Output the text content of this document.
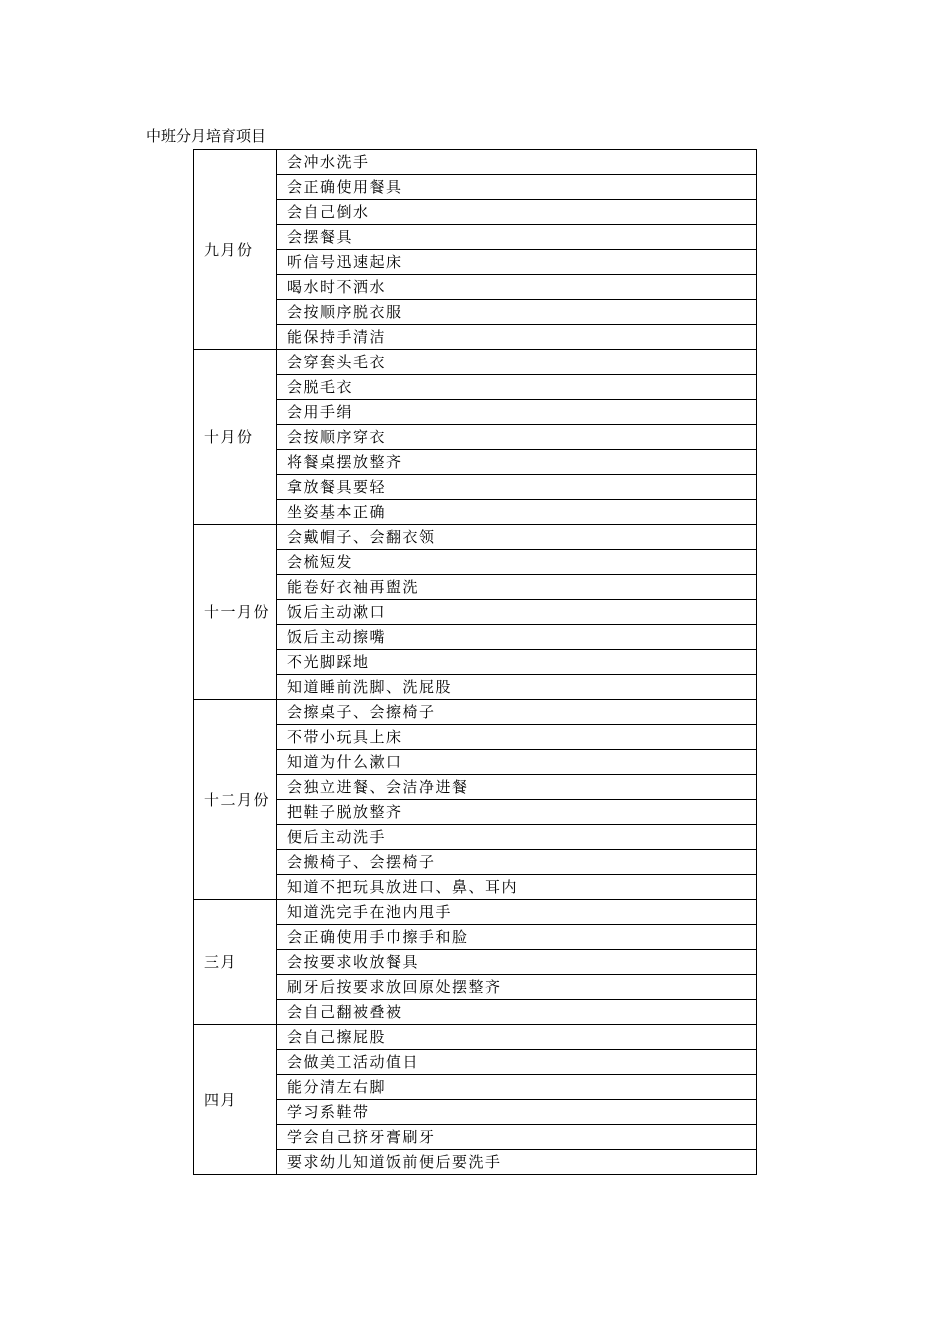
中班分月培育项目
九月份	会冲水洗手
	会正确使用餐具
	会自己倒水
	会摆餐具
	听信号迅速起床
	喝水时不洒水
	会按顺序脱衣服
	能保持手清洁
十月份	会穿套头毛衣
	会脱毛衣
	会用手绢
	会按顺序穿衣
	将餐桌摆放整齐
	拿放餐具要轻
	坐姿基本正确
十一月份	会戴帽子、会翻衣领
	会梳短发
	能卷好衣袖再盥洗
	饭后主动漱口
	饭后主动擦嘴
	不光脚踩地
	知道睡前洗脚、洗屁股
十二月份	会擦桌子、会擦椅子
	不带小玩具上床
	知道为什么漱口
	会独立进餐、会洁净进餐
	把鞋子脱放整齐
	便后主动洗手
	会搬椅子、会摆椅子
	知道不把玩具放进口、鼻、耳内
三月	知道洗完手在池内甩手
	会正确使用手巾擦手和脸
	会按要求收放餐具
	刷牙后按要求放回原处摆整齐
	会自己翻被叠被
四月	会自己擦屁股
	会做美工活动值日
	能分清左右脚
	学习系鞋带
	学会自己挤牙膏刷牙
	要求幼儿知道饭前便后要洗手
